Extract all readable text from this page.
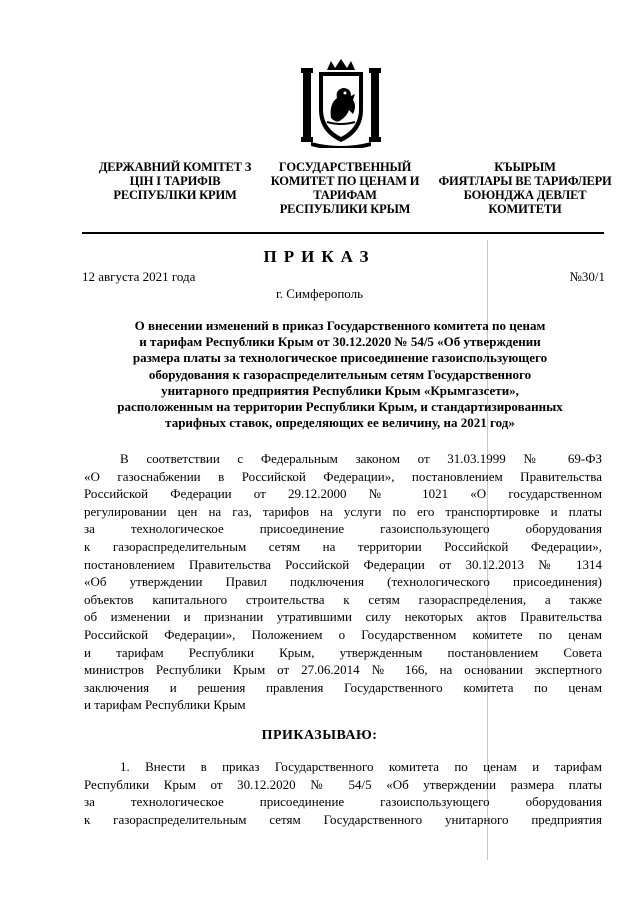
ДЕРЖАВНИЙ КОМІТЕТ З
ЦІН І ТАРИФІВ
РЕСПУБЛІКИ КРИМ
ГОСУДАРСТВЕННЫЙ
КОМИТЕТ ПО ЦЕНАМ И
ТАРИФАМ
РЕСПУБЛИКИ КРЫМ
КЪЫРЫМ
ФИЯТЛАРЫ ВЕ ТАРИФЛЕРИ
БОЮНДЖА ДЕВЛЕТ
КОМИТЕТИ
ПРИКАЗ
12 августа 2021 года	№30/1
г. Симферополь
О внесении изменений в приказ Государственного комитета по ценам
и тарифам Республики Крым от 30.12.2020 № 54/5 «Об утверждении
размера платы за технологическое присоединение газоиспользующего
оборудования к газораспределительным сетям Государственного
унитарного предприятия Республики Крым «Крымгазсети»,
расположенным на территории Республики Крым, и стандартизированных
тарифных ставок, определяющих ее величину, на 2021 год»
В соответствии с Федеральным законом от 31.03.1999 № 69-ФЗ
«О газоснабжении в Российской Федерации», постановлением Правительства
Российской Федерации от 29.12.2000 № 1021 «О государственном
регулировании цен на газ, тарифов на услуги по его транспортировке и платы
за технологическое присоединение газоиспользующего оборудования
к газораспределительным сетям на территории Российской Федерации»,
постановлением Правительства Российской Федерации от 30.12.2013 № 1314
«Об утверждении Правил подключения (технологического присоединения)
объектов капитального строительства к сетям газораспределения, а также
об изменении и признании утратившими силу некоторых актов Правительства
Российской Федерации», Положением о Государственном комитете по ценам
и тарифам Республики Крым, утвержденным постановлением Совета
министров Республики Крым от 27.06.2014 № 166, на основании экспертного
заключения и решения правления Государственного комитета по ценам
и тарифам Республики Крым
ПРИКАЗЫВАЮ:
1. Внести в приказ Государственного комитета по ценам и тарифам
Республики Крым от 30.12.2020 № 54/5 «Об утверждении размера платы
за технологическое присоединение газоиспользующего оборудования
к газораспределительным сетям Государственного унитарного предприятия
